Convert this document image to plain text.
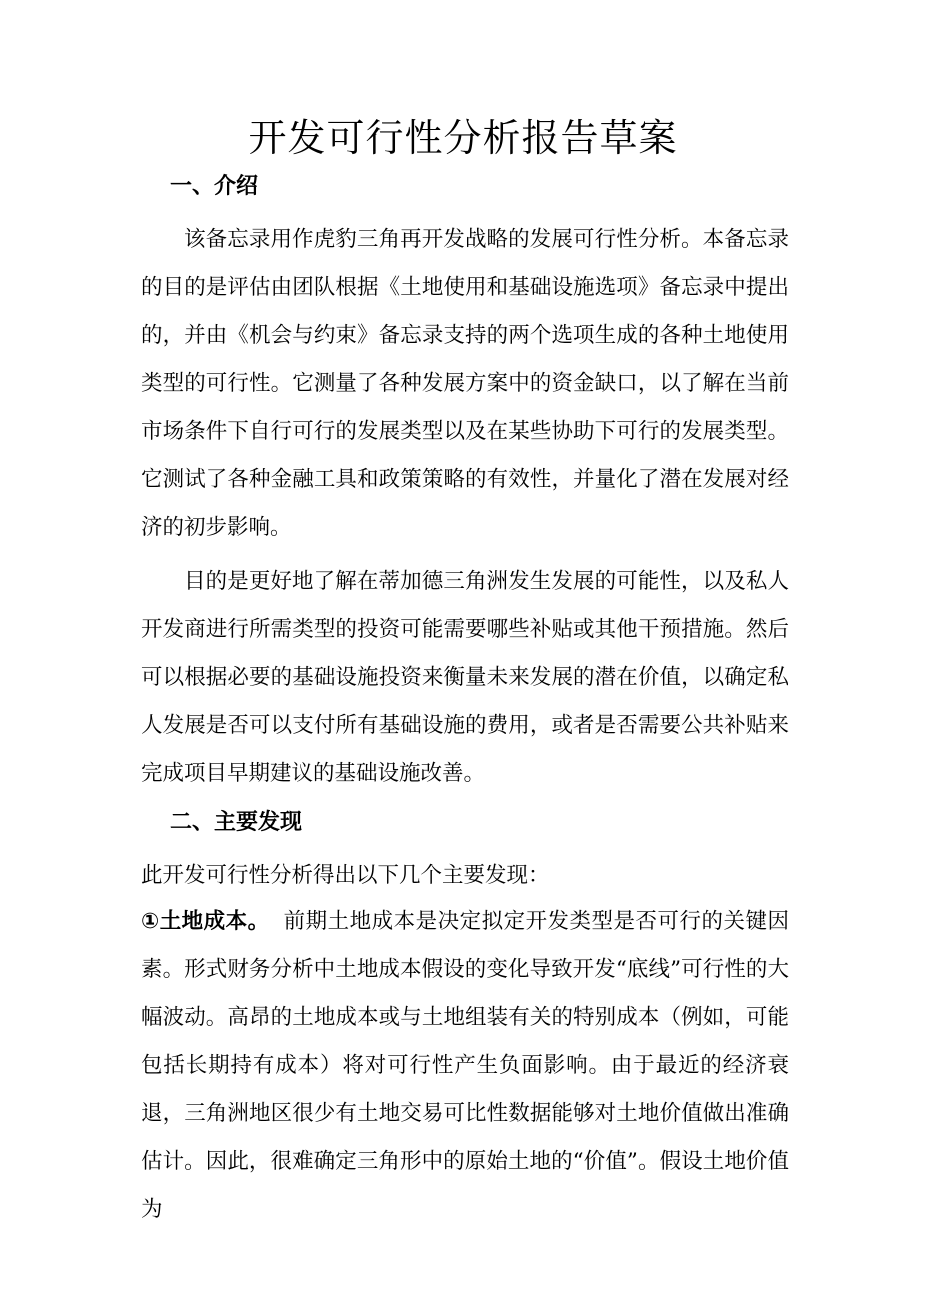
开发可行性分析报告草案
一、介绍

该备忘录用作虎豹三角再开发战略的发展可行性分析。本备忘录的目的是评估由团队根据《土地使用和基础设施选项》备忘录中提出的，并由《机会与约束》备忘录支持的两个选项生成的各种土地使用类型的可行性。它测量了各种发展方案中的资金缺口，以了解在当前市场条件下自行可行的发展类型以及在某些协助下可行的发展类型。它测试了各种金融工具和政策策略的有效性，并量化了潜在发展对经济的初步影响。

目的是更好地了解在蒂加德三角洲发生发展的可能性，以及私人开发商进行所需类型的投资可能需要哪些补贴或其他干预措施。然后可以根据必要的基础设施投资来衡量未来发展的潜在价值，以确定私人发展是否可以支付所有基础设施的费用，或者是否需要公共补贴来完成项目早期建议的基础设施改善。

二、主要发现

此开发可行性分析得出以下几个主要发现：

①土地成本。 前期土地成本是决定拟定开发类型是否可行的关键因素。形式财务分析中土地成本假设的变化导致开发“底线”可行性的大幅波动。高昂的土地成本或与土地组装有关的特别成本（例如，可能包括长期持有成本）将对可行性产生负面影响。由于最近的经济衰退，三角洲地区很少有土地交易可比性数据能够对土地价值做出准确估计。因此，很难确定三角形中的原始土地的“价值”。假设土地价值为
